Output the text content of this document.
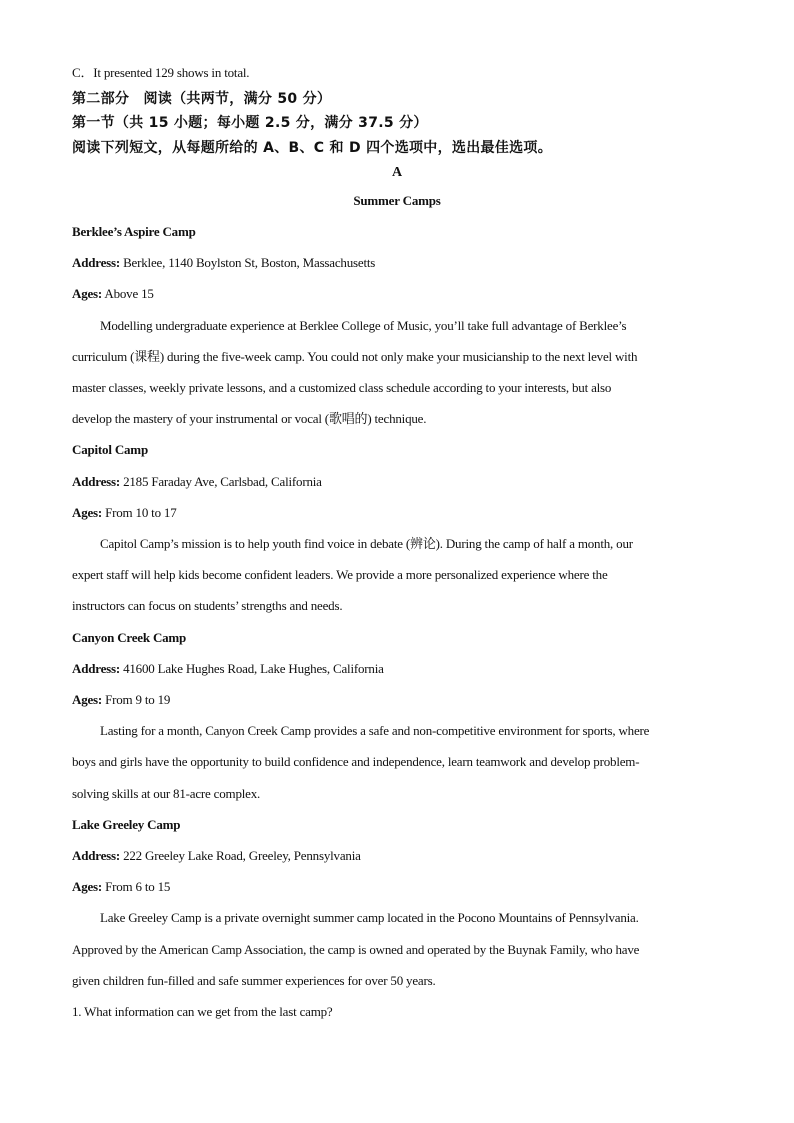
C．It presented 129 shows in total.
第二部分　阅读（共两节，满分 50 分）
第一节（共 15 小题；每小题 2.5 分，满分 37.5 分）
阅读下列短文，从每题所给的 A、B、C 和 D 四个选项中，选出最佳选项。
A
Summer Camps
Berklee’s Aspire Camp
Address: Berklee, 1140 Boylston St, Boston, Massachusetts
Ages: Above 15
Modelling undergraduate experience at Berklee College of Music, you’ll take full advantage of Berklee’s
curriculum (课程) during the five-week camp. You could not only make your musicianship to the next level with
master classes, weekly private lessons, and a customized class schedule according to your interests, but also
develop the mastery of your instrumental or vocal (歌唱的) technique.
Capitol Camp
Address: 2185 Faraday Ave, Carlsbad, California
Ages: From 10 to 17
Capitol Camp’s mission is to help youth find voice in debate (辨论). During the camp of half a month, our
expert staff will help kids become confident leaders. We provide a more personalized experience where the
instructors can focus on students’ strengths and needs.
Canyon Creek Camp
Address: 41600 Lake Hughes Road, Lake Hughes, California
Ages: From 9 to 19
Lasting for a month, Canyon Creek Camp provides a safe and non-competitive environment for sports, where
boys and girls have the opportunity to build confidence and independence, learn teamwork and develop problem-
solving skills at our 81-acre complex.
Lake Greeley Camp
Address: 222 Greeley Lake Road, Greeley, Pennsylvania
Ages: From 6 to 15
Lake Greeley Camp is a private overnight summer camp located in the Pocono Mountains of Pennsylvania.
Approved by the American Camp Association, the camp is owned and operated by the Buynak Family, who have
given children fun-filled and safe summer experiences for over 50 years.
1. What information can we get from the last camp?
